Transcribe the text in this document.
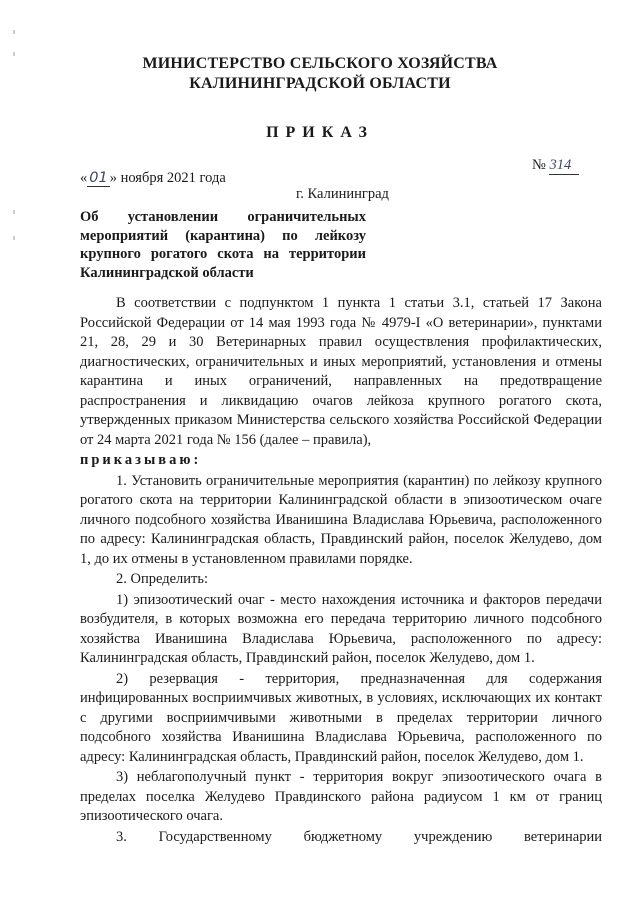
МИНИСТЕРСТВО СЕЛЬСКОГО ХОЗЯЙСТВА
КАЛИНИНГРАДСКОЙ ОБЛАСТИ
ПРИКАЗ
« 01 » ноября 2021 года
№ 314
г. Калининград
Об установлении ограничительных мероприятий (карантина) по лейкозу крупного рогатого скота на территории Калининградской области

В соответствии с подпунктом 1 пункта 1 статьи 3.1, статьей 17 Закона Российской Федерации от 14 мая 1993 года № 4979-I «О ветеринарии», пунктами 21, 28, 29 и 30 Ветеринарных правил осуществления профилактических, диагностических, ограничительных и иных мероприятий, установления и отмены карантина и иных ограничений, направленных на предотвращение распространения и ликвидацию очагов лейкоза крупного рогатого скота, утвержденных приказом Министерства сельского хозяйства Российской Федерации от 24 марта 2021 года № 156 (далее – правила),

приказываю:

1. Установить ограничительные мероприятия (карантин) по лейкозу крупного рогатого скота на территории Калининградской области в эпизоотическом очаге личного подсобного хозяйства Иванишина Владислава Юрьевича, расположенного по адресу: Калининградская область, Правдинский район, поселок Желудево, дом 1, до их отмены в установленном правилами порядке.

2. Определить:

1) эпизоотический очаг - место нахождения источника и факторов передачи возбудителя, в которых возможна его передача территорию личного подсобного хозяйства Иванишина Владислава Юрьевича, расположенного по адресу: Калининградская область, Правдинский район, поселок Желудево, дом 1.

2) резервация - территория, предназначенная для содержания инфицированных восприимчивых животных, в условиях, исключающих их контакт с другими восприимчивыми животными в пределах территории личного подсобного хозяйства Иванишина Владислава Юрьевича, расположенного по адресу: Калининградская область, Правдинский район, поселок Желудево, дом 1.

3) неблагополучный пункт - территория вокруг эпизоотического очага в пределах поселка Желудево Правдинского района радиусом 1 км от границ эпизоотического очага.

3. Государственному бюджетному учреждению ветеринарии
